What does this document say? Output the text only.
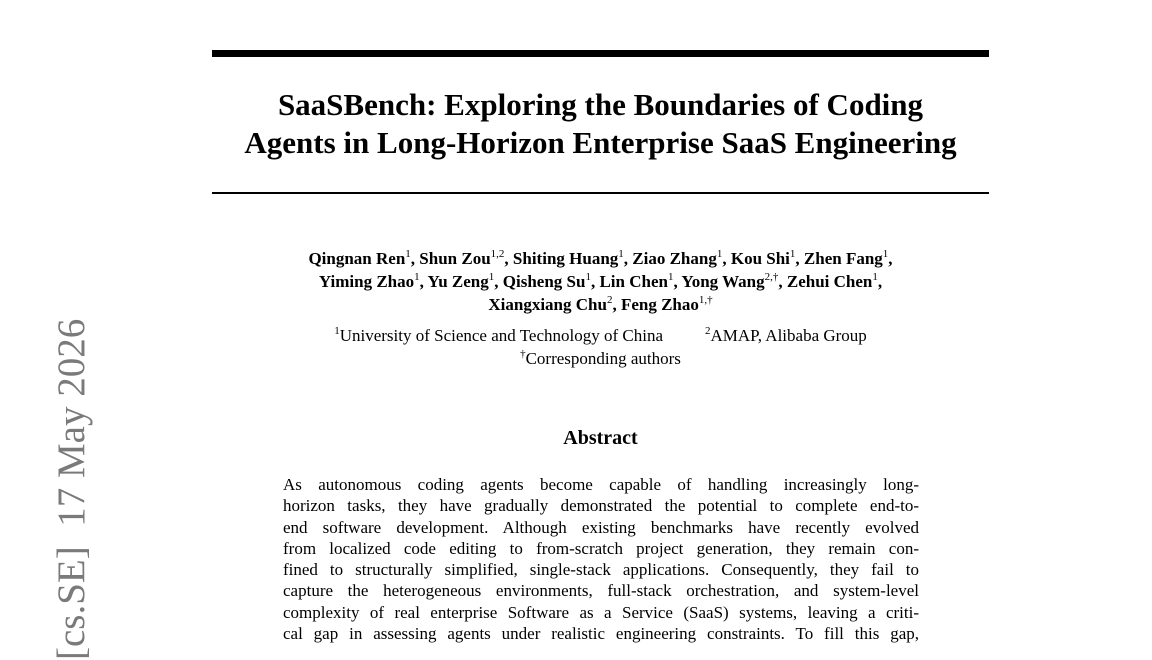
SaaSBench: Exploring the Boundaries of Coding
Agents in Long-Horizon Enterprise SaaS Engineering
Qingnan Ren$^1$, Shun Zou$^{1,2}$, Shiting Huang$^1$, Ziao Zhang$^1$, Kou Shi$^1$, Zhen Fang$^1$,
Yiming Zhao$^1$, Yu Zeng$^1$, Qisheng Su$^1$, Lin Chen$^1$, Yong Wang$^{2,\dagger}$, Zehui Chen$^1$,
Xiangxiang Chu$^2$, Feng Zhao$^{1,\dagger}$
$^1$University of Science and Technology of China	$^2$AMAP, Alibaba Group
†Corresponding authors
Abstract
As autonomous coding agents become capable of handling increasingly long-
horizon tasks, they have gradually demonstrated the potential to complete end-to-
end software development. Although existing benchmarks have recently evolved
from localized code editing to from-scratch project generation, they remain con-
fined to structurally simplified, single-stack applications. Consequently, they fail to
capture the heterogeneous environments, full-stack orchestration, and system-level
complexity of real enterprise Software as a Service (SaaS) systems, leaving a criti-
cal gap in assessing agents under realistic engineering constraints. To fill this gap,
[cs.SE]  17 May 2026
